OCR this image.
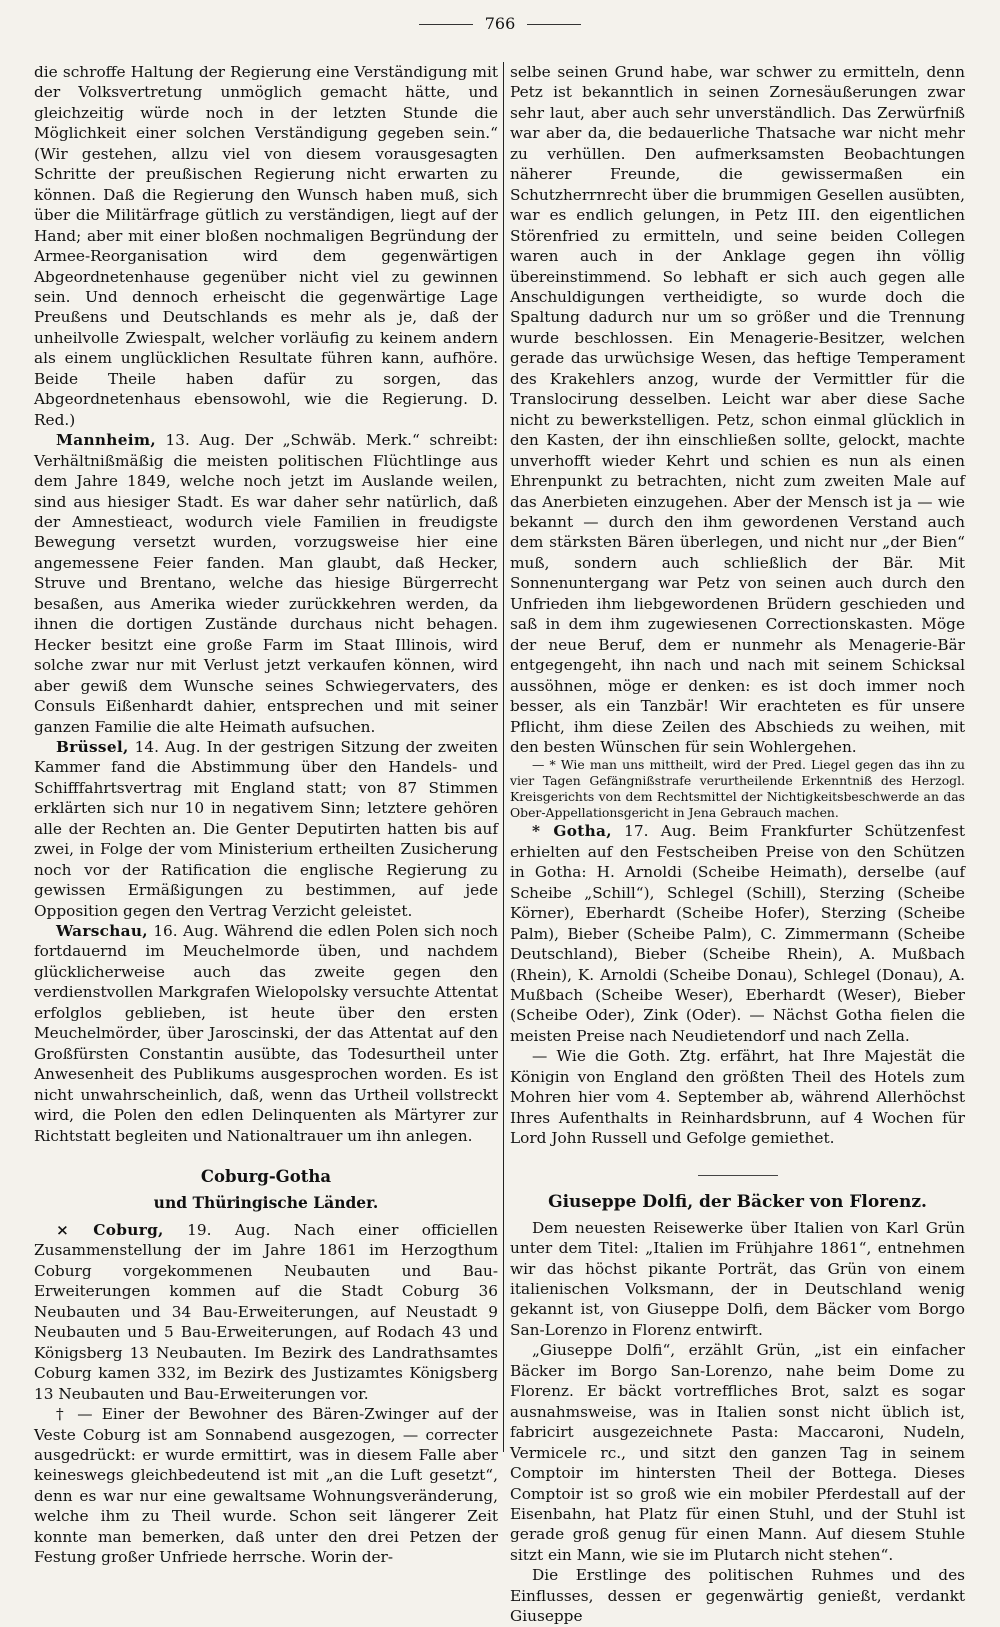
766

die schroffe Haltung der Regierung eine Verständigung mit der Volksvertretung unmöglich gemacht hätte, und gleichzeitig würde noch in der letzten Stunde die Möglichkeit einer solchen Verständigung gegeben sein.“ (Wir gestehen, allzu viel von diesem vorausgesagten Schritte der preußischen Regierung nicht erwarten zu können. Daß die Regierung den Wunsch haben muß, sich über die Militärfrage gütlich zu verständigen, liegt auf der Hand; aber mit einer bloßen nochmaligen Begründung der Armee-Reorganisation wird dem gegenwärtigen Abgeordnetenhause gegenüber nicht viel zu gewinnen sein. Und dennoch erheischt die gegenwärtige Lage Preußens und Deutschlands es mehr als je, daß der unheilvolle Zwiespalt, welcher vorläufig zu keinem andern als einem unglücklichen Resultate führen kann, aufhöre. Beide Theile haben dafür zu sorgen, das Abgeordnetenhaus ebensowohl, wie die Regierung. D. Red.)

Mannheim, 13. Aug. Der „Schwäb. Merk.“ schreibt: Verhältnißmäßig die meisten politischen Flüchtlinge aus dem Jahre 1849, welche noch jetzt im Auslande weilen, sind aus hiesiger Stadt. Es war daher sehr natürlich, daß der Amnestieact, wodurch viele Familien in freudigste Bewegung versetzt wurden, vorzugsweise hier eine angemessene Feier fanden. Man glaubt, daß Hecker, Struve und Brentano, welche das hiesige Bürgerrecht besaßen, aus Amerika wieder zurückkehren werden, da ihnen die dortigen Zustände durchaus nicht behagen. Hecker besitzt eine große Farm im Staat Illinois, wird solche zwar nur mit Verlust jetzt verkaufen können, wird aber gewiß dem Wunsche seines Schwiegervaters, des Consuls Eißenhardt dahier, entsprechen und mit seiner ganzen Familie die alte Heimath aufsuchen.

Brüssel, 14. Aug. In der gestrigen Sitzung der zweiten Kammer fand die Abstimmung über den Handels- und Schifffahrtsvertrag mit England statt; von 87 Stimmen erklärten sich nur 10 in negativem Sinn; letztere gehören alle der Rechten an. Die Genter Deputirten hatten bis auf zwei, in Folge der vom Ministerium ertheilten Zusicherung noch vor der Ratification die englische Regierung zu gewissen Ermäßigungen zu bestimmen, auf jede Opposition gegen den Vertrag Verzicht geleistet.

Warschau, 16. Aug. Während die edlen Polen sich noch fortdauernd im Meuchelmorde üben, und nachdem glücklicherweise auch das zweite gegen den verdienstvollen Markgrafen Wielopolsky versuchte Attentat erfolglos geblieben, ist heute über den ersten Meuchelmörder, über Jaroscinski, der das Attentat auf den Großfürsten Constantin ausübte, das Todesurtheil unter Anwesenheit des Publikums ausgesprochen worden. Es ist nicht unwahrscheinlich, daß, wenn das Urtheil vollstreckt wird, die Polen den edlen Delinquenten als Märtyrer zur Richtstatt begleiten und Nationaltrauer um ihn anlegen.

Coburg-Gotha
und Thüringische Länder.

× Coburg, 19. Aug. Nach einer officiellen Zusammenstellung der im Jahre 1861 im Herzogthum Coburg vorgekommenen Neubauten und Bau-Erweiterungen kommen auf die Stadt Coburg 36 Neubauten und 34 Bau-Erweiterungen, auf Neustadt 9 Neubauten und 5 Bau-Erweiterungen, auf Rodach 43 und Königsberg 13 Neubauten. Im Bezirk des Landrathsamtes Coburg kamen 332, im Bezirk des Justizamtes Königsberg 13 Neubauten und Bau-Erweiterungen vor.

† — Einer der Bewohner des Bären-Zwinger auf der Veste Coburg ist am Sonnabend ausgezogen, — correcter ausgedrückt: er wurde ermittirt, was in diesem Falle aber keineswegs gleichbedeutend ist mit „an die Luft gesetzt“, denn es war nur eine gewaltsame Wohnungsveränderung, welche ihm zu Theil wurde. Schon seit längerer Zeit konnte man bemerken, daß unter den drei Petzen der Festung großer Unfriede herrsche. Worin der-

selbe seinen Grund habe, war schwer zu ermitteln, denn Petz ist bekanntlich in seinen Zornesäußerungen zwar sehr laut, aber auch sehr unverständlich. Das Zerwürfniß war aber da, die bedauerliche Thatsache war nicht mehr zu verhüllen. Den aufmerksamsten Beobachtungen näherer Freunde, die gewissermaßen ein Schutzherrnrecht über die brummigen Gesellen ausübten, war es endlich gelungen, in Petz III. den eigentlichen Störenfried zu ermitteln, und seine beiden Collegen waren auch in der Anklage gegen ihn völlig übereinstimmend. So lebhaft er sich auch gegen alle Anschuldigungen vertheidigte, so wurde doch die Spaltung dadurch nur um so größer und die Trennung wurde beschlossen. Ein Menagerie-Besitzer, welchen gerade das urwüchsige Wesen, das heftige Temperament des Krakehlers anzog, wurde der Vermittler für die Translocirung desselben. Leicht war aber diese Sache nicht zu bewerkstelligen. Petz, schon einmal glücklich in den Kasten, der ihn einschließen sollte, gelockt, machte unverhofft wieder Kehrt und schien es nun als einen Ehrenpunkt zu betrachten, nicht zum zweiten Male auf das Anerbieten einzugehen. Aber der Mensch ist ja — wie bekannt — durch den ihm gewordenen Verstand auch dem stärksten Bären überlegen, und nicht nur „der Bien“ muß, sondern auch schließlich der Bär. Mit Sonnenuntergang war Petz von seinen auch durch den Unfrieden ihm liebgewordenen Brüdern geschieden und saß in dem ihm zugewiesenen Correctionskasten. Möge der neue Beruf, dem er nunmehr als Menagerie-Bär entgegengeht, ihn nach und nach mit seinem Schicksal aussöhnen, möge er denken: es ist doch immer noch besser, als ein Tanzbär! Wir erachteten es für unsere Pflicht, ihm diese Zeilen des Abschieds zu weihen, mit den besten Wünschen für sein Wohlergehen.

— * Wie man uns mittheilt, wird der Pred. Liegel gegen das ihn zu vier Tagen Gefängnißstrafe verurtheilende Erkenntniß des Herzogl. Kreisgerichts von dem Rechtsmittel der Nichtigkeitsbeschwerde an das Ober-Appellationsgericht in Jena Gebrauch machen.

* Gotha, 17. Aug. Beim Frankfurter Schützenfest erhielten auf den Festscheiben Preise von den Schützen in Gotha: H. Arnoldi (Scheibe Heimath), derselbe (auf Scheibe „Schill“), Schlegel (Schill), Sterzing (Scheibe Körner), Eberhardt (Scheibe Hofer), Sterzing (Scheibe Palm), Bieber (Scheibe Palm), C. Zimmermann (Scheibe Deutschland), Bieber (Scheibe Rhein), A. Mußbach (Rhein), K. Arnoldi (Scheibe Donau), Schlegel (Donau), A. Mußbach (Scheibe Weser), Eberhardt (Weser), Bieber (Scheibe Oder), Zink (Oder). — Nächst Gotha fielen die meisten Preise nach Neudietendorf und nach Zella.

— Wie die Goth. Ztg. erfährt, hat Ihre Majestät die Königin von England den größten Theil des Hotels zum Mohren hier vom 4. September ab, während Allerhöchst Ihres Aufenthalts in Reinhardsbrunn, auf 4 Wochen für Lord John Russell und Gefolge gemiethet.

Giuseppe Dolfi, der Bäcker von Florenz.

Dem neuesten Reisewerke über Italien von Karl Grün unter dem Titel: „Italien im Frühjahre 1861“, entnehmen wir das höchst pikante Porträt, das Grün von einem italienischen Volksmann, der in Deutschland wenig gekannt ist, von Giuseppe Dolfi, dem Bäcker vom Borgo San-Lorenzo in Florenz entwirft.

„Giuseppe Dolfi“, erzählt Grün, „ist ein einfacher Bäcker im Borgo San-Lorenzo, nahe beim Dome zu Florenz. Er bäckt vortreffliches Brot, salzt es sogar ausnahmsweise, was in Italien sonst nicht üblich ist, fabricirt ausgezeichnete Pasta: Maccaroni, Nudeln, Vermicele rc., und sitzt den ganzen Tag in seinem Comptoir im hintersten Theil der Bottega. Dieses Comptoir ist so groß wie ein mobiler Pferdestall auf der Eisenbahn, hat Platz für einen Stuhl, und der Stuhl ist gerade groß genug für einen Mann. Auf diesem Stuhle sitzt ein Mann, wie sie im Plutarch nicht stehen“.

Die Erstlinge des politischen Ruhmes und des Einflusses, dessen er gegenwärtig genießt, verdankt Giuseppe
